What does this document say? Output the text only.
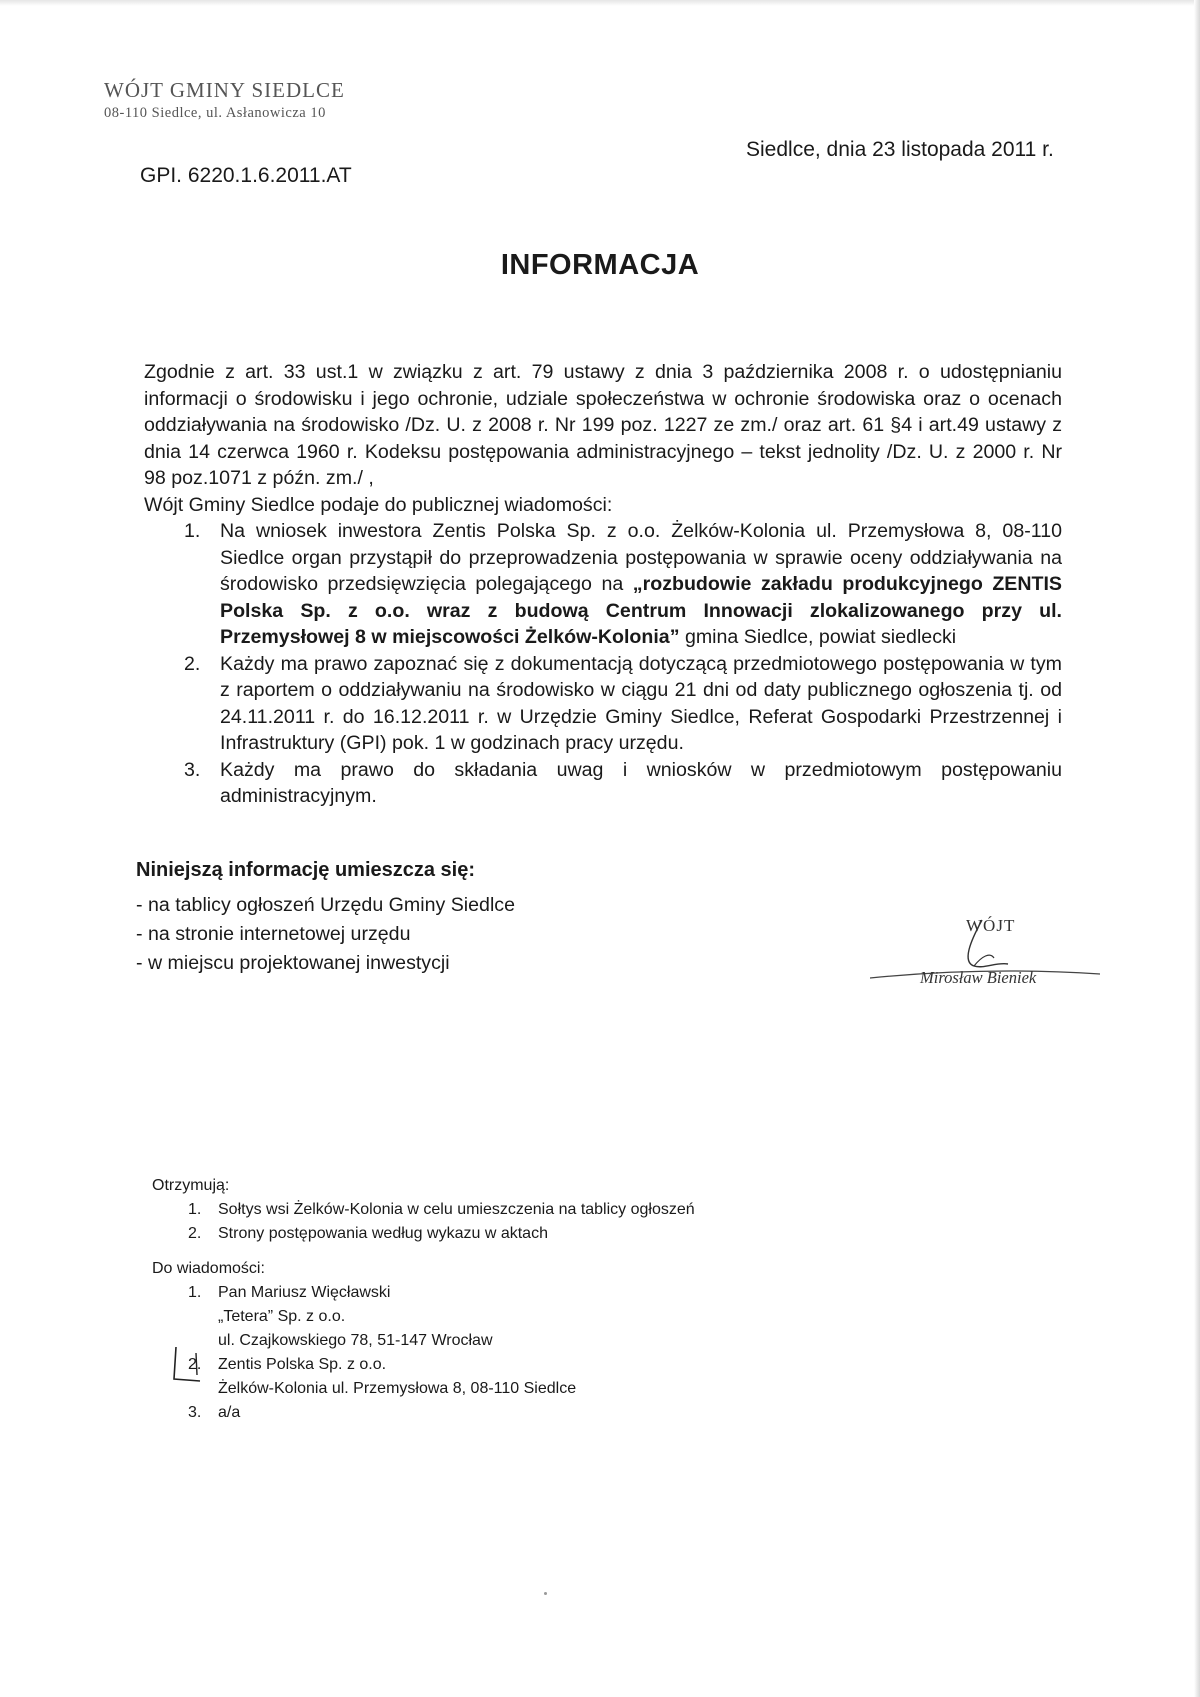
WÓJT GMINY SIEDLCE
08-110 Siedlce, ul. Asłanowicza 10
GPI. 6220.1.6.2011.AT
Siedlce, dnia 23 listopada 2011 r.
INFORMACJA

Zgodnie z art. 33 ust.1 w związku z art. 79 ustawy z dnia 3 października 2008 r. o udostępnianiu informacji o środowisku i jego ochronie, udziale społeczeństwa w ochronie środowiska oraz o ocenach oddziaływania na środowisko /Dz. U. z 2008 r. Nr 199 poz. 1227 ze zm./ oraz art. 61 §4 i art.49 ustawy z dnia 14 czerwca 1960 r. Kodeksu postępowania administracyjnego – tekst jednolity /Dz. U. z 2000 r. Nr 98 poz.1071 z późn. zm./ ,

Wójt Gminy Siedlce podaje do publicznej wiadomości:

1. Na wniosek inwestora Zentis Polska Sp. z o.o. Żelków-Kolonia ul. Przemysłowa 8, 08-110 Siedlce organ przystąpił do przeprowadzenia postępowania w sprawie oceny oddziaływania na środowisko przedsięwzięcia polegającego na „rozbudowie zakładu produkcyjnego ZENTIS Polska Sp. z o.o. wraz z budową Centrum Innowacji zlokalizowanego przy ul. Przemysłowej 8 w miejscowości Żelków-Kolonia” gmina Siedlce, powiat siedlecki
2. Każdy ma prawo zapoznać się z dokumentacją dotyczącą przedmiotowego postępowania w tym z raportem o oddziaływaniu na środowisko w ciągu 21 dni od daty publicznego ogłoszenia tj. od 24.11.2011 r. do 16.12.2011 r. w Urzędzie Gminy Siedlce, Referat Gospodarki Przestrzennej i Infrastruktury (GPI) pok. 1 w godzinach pracy urzędu.
3. Każdy ma prawo do składania uwag i wniosków w przedmiotowym postępowaniu administracyjnym.
Niniejszą informację umieszcza się:
- na tablicy ogłoszeń Urzędu Gminy Siedlce
- na stronie internetowej urzędu
- w miejscu projektowanej inwestycji
WÓJT
Mirosław Bieniek
Otrzymują:
1. Sołtys wsi Żelków-Kolonia w celu umieszczenia na tablicy ogłoszeń
2. Strony postępowania według wykazu w aktach
Do wiadomości:
1. Pan Mariusz Więcławski
„Tetera” Sp. z o.o.
ul. Czajkowskiego 78, 51-147 Wrocław
2. Zentis Polska Sp. z o.o.
Żelków-Kolonia ul. Przemysłowa 8, 08-110 Siedlce
3. a/a
